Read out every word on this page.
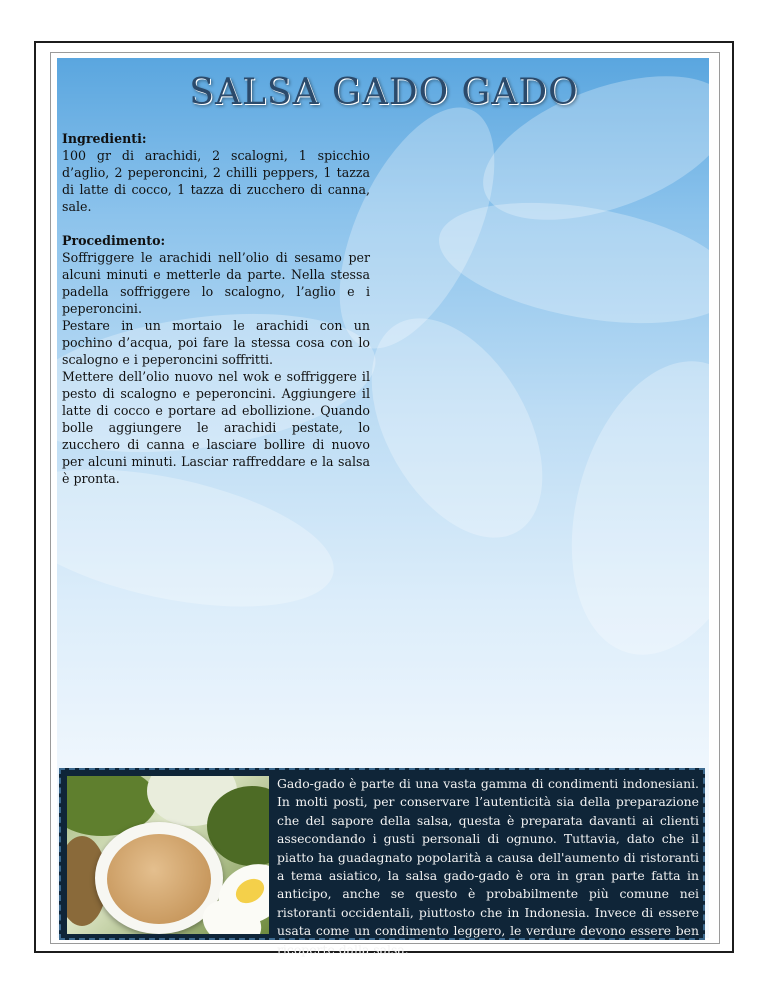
SALSA GADO GADO

Ingredienti:

100 gr di arachidi, 2 scalogni, 1 spicchio d’aglio, 2 peperoncini, 2 chilli peppers, 1 tazza di latte di cocco, 1 tazza di zucchero di canna, sale.

Procedimento:

Soffriggere le arachidi nell’olio di sesamo per alcuni minuti e metterle da parte. Nella stessa padella soffriggere lo scalogno, l’aglio e i peperoncini.

Pestare in un mortaio le arachidi con un pochino d’acqua, poi fare la stessa cosa con lo scalogno e i peperoncini soffritti.

Mettere dell’olio nuovo nel wok e soffriggere il pesto di scalogno e peperoncini. Aggiungere il latte di cocco e portare ad ebollizione. Quando bolle aggiungere le arachidi pestate, lo zucchero di canna e lasciare bollire di nuovo per alcuni minuti. Lasciar raffreddare e la salsa è pronta.

Gado-gado è parte di una vasta gamma di condimenti indonesiani. In molti posti, per conservare l’autenticità sia della preparazione che del sapore della salsa, questa è preparata davanti ai clienti assecondando i gusti personali di ognuno. Tuttavia, dato che il piatto ha guadagnato popolarità a causa dell'aumento di ristoranti a tema asiatico, la salsa gado-gado è ora in gran parte fatta in anticipo, anche se questo è probabilmente più comune nei ristoranti occidentali, piuttosto che in Indonesia. Invece di essere usata come un condimento leggero, le verdure devono essere ben ricoperte dalla salsa.
